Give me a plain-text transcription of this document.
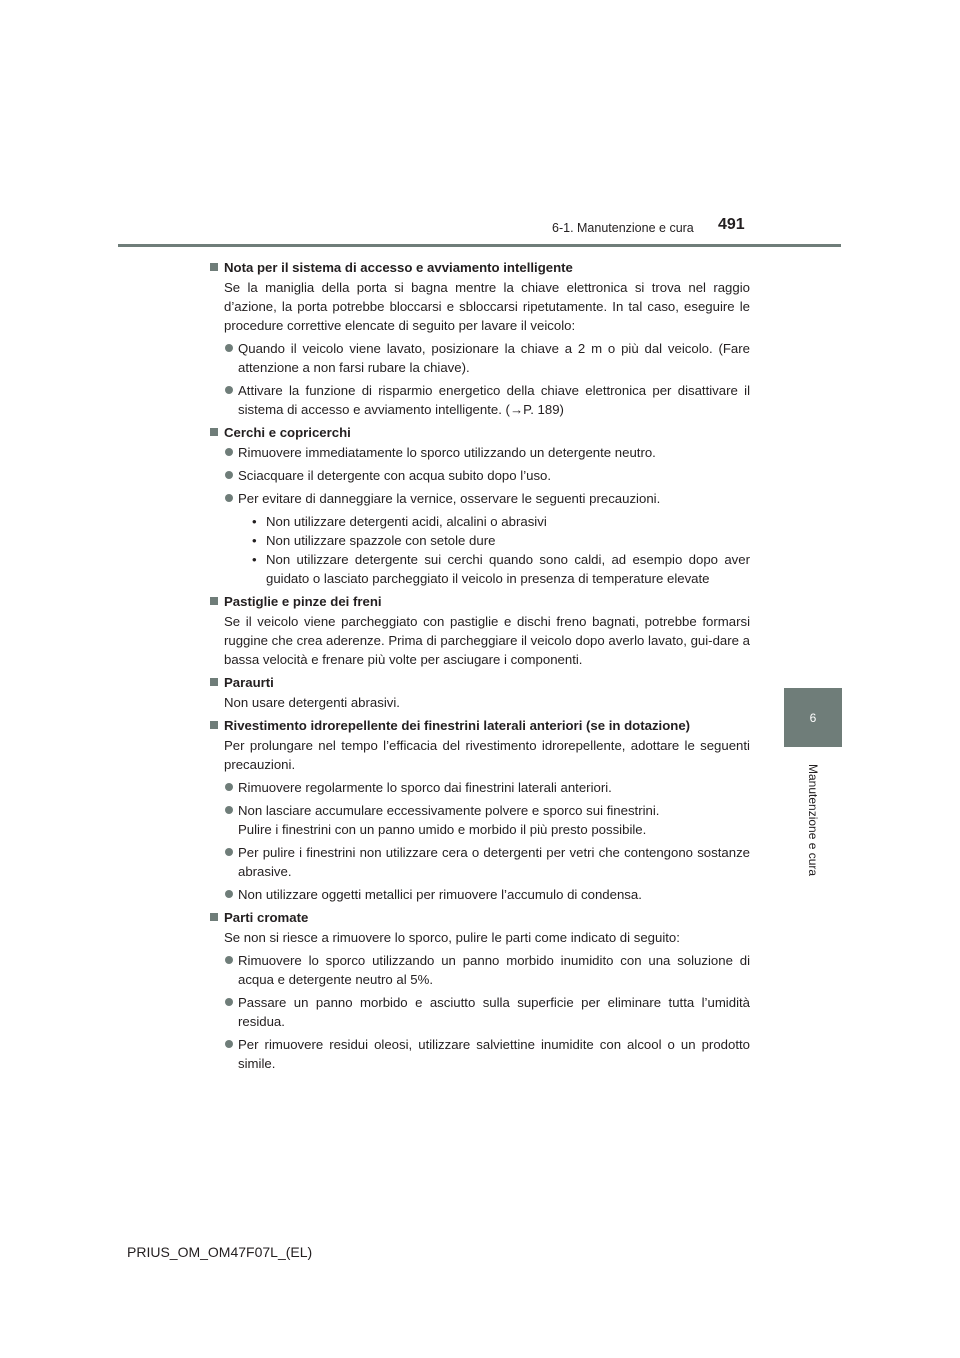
6-1. Manutenzione e cura 491
6
Manutenzione e cura
Nota per il sistema di accesso e avviamento intelligente
Se la maniglia della porta si bagna mentre la chiave elettronica si trova nel raggio d’azione, la porta potrebbe bloccarsi e sbloccarsi ripetutamente. In tal caso, eseguire le procedure correttive elencate di seguito per lavare il veicolo:
Quando il veicolo viene lavato, posizionare la chiave a 2 m o più dal veicolo. (Fare attenzione a non farsi rubare la chiave).
Attivare la funzione di risparmio energetico della chiave elettronica per disattivare il sistema di accesso e avviamento intelligente. (→P. 189)
Cerchi e copricerchi
Rimuovere immediatamente lo sporco utilizzando un detergente neutro.
Sciacquare il detergente con acqua subito dopo l’uso.
Per evitare di danneggiare la vernice, osservare le seguenti precauzioni.
• Non utilizzare detergenti acidi, alcalini o abrasivi
• Non utilizzare spazzole con setole dure
• Non utilizzare detergente sui cerchi quando sono caldi, ad esempio dopo aver guidato o lasciato parcheggiato il veicolo in presenza di temperature elevate
Pastiglie e pinze dei freni
Se il veicolo viene parcheggiato con pastiglie e dischi freno bagnati, potrebbe formarsi ruggine che crea aderenze. Prima di parcheggiare il veicolo dopo averlo lavato, gui-dare a bassa velocità e frenare più volte per asciugare i componenti.
Paraurti
Non usare detergenti abrasivi.
Rivestimento idrorepellente dei finestrini laterali anteriori (se in dotazione)
Per prolungare nel tempo l’efficacia del rivestimento idrorepellente, adottare le seguenti precauzioni.
Rimuovere regolarmente lo sporco dai finestrini laterali anteriori.
Non lasciare accumulare eccessivamente polvere e sporco sui finestrini.
Pulire i finestrini con un panno umido e morbido il più presto possibile.
Per pulire i finestrini non utilizzare cera o detergenti per vetri che contengono sostanze abrasive.
Non utilizzare oggetti metallici per rimuovere l’accumulo di condensa.
Parti cromate
Se non si riesce a rimuovere lo sporco, pulire le parti come indicato di seguito:
Rimuovere lo sporco utilizzando un panno morbido inumidito con una soluzione di acqua e detergente neutro al 5%.
Passare un panno morbido e asciutto sulla superficie per eliminare tutta l’umidità residua.
Per rimuovere residui oleosi, utilizzare salviettine inumidite con alcool o un prodotto simile.
PRIUS_OM_OM47F07L_(EL)
